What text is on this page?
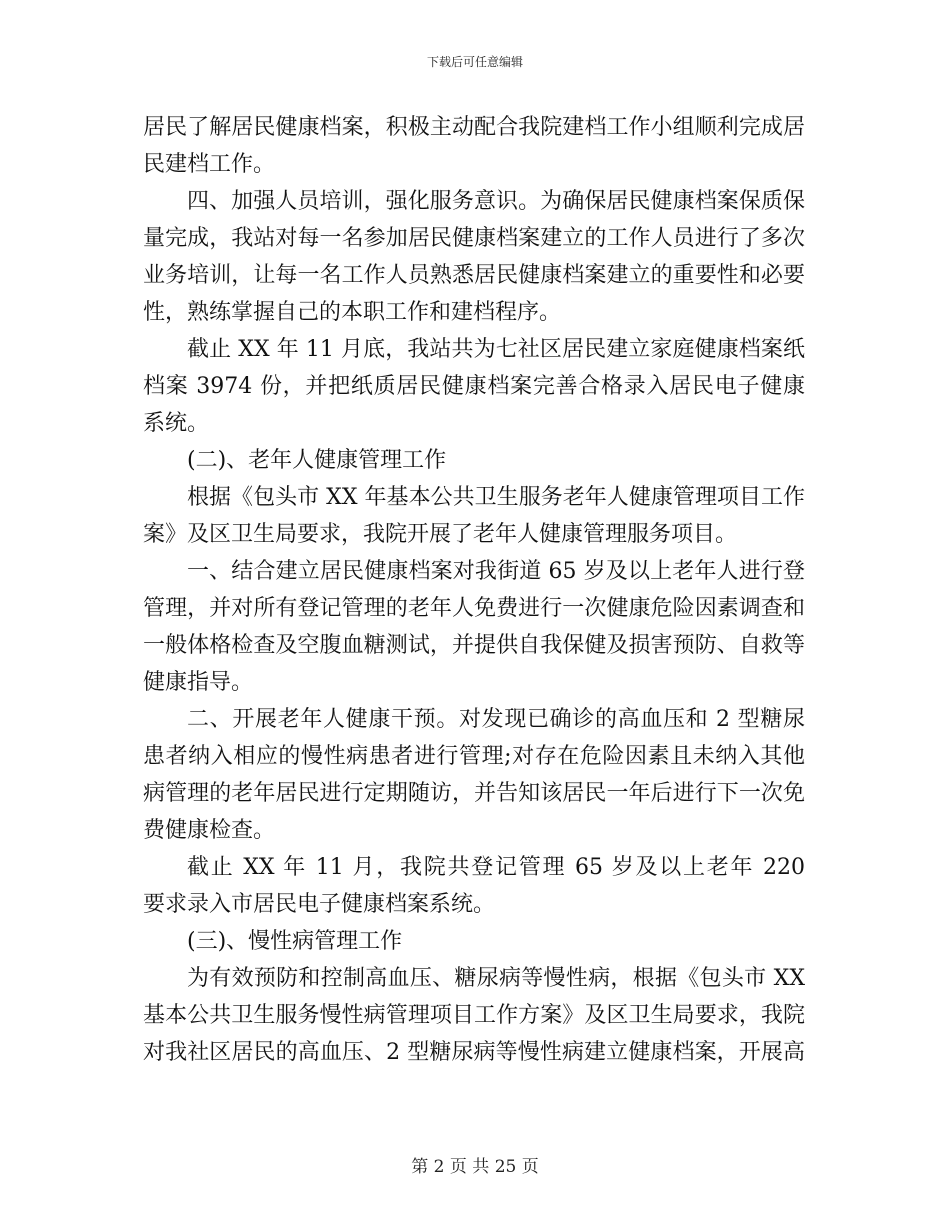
下载后可任意编辑
居民了解居民健康档案，积极主动配合我院建档工作小组顺利完成居
民建档工作。
四、加强人员培训，强化服务意识。为确保居民健康档案保质保
量完成，我站对每一名参加居民健康档案建立的工作人员进行了多次
业务培训，让每一名工作人员熟悉居民健康档案建立的重要性和必要
性，熟练掌握自己的本职工作和建档程序。
截止 XX 年 11 月底，我站共为七社区居民建立家庭健康档案纸
档案 3974 份，并把纸质居民健康档案完善合格录入居民电子健康
系统。
(二)、老年人健康管理工作
根据《包头市 XX 年基本公共卫生服务老年人健康管理项目工作
案》及区卫生局要求，我院开展了老年人健康管理服务项目。
一、结合建立居民健康档案对我街道 65 岁及以上老年人进行登
管理，并对所有登记管理的老年人免费进行一次健康危险因素调查和
一般体格检查及空腹血糖测试，并提供自我保健及损害预防、自救等
健康指导。
二、开展老年人健康干预。对发现已确诊的高血压和 2 型糖尿
患者纳入相应的慢性病患者进行管理;对存在危险因素且未纳入其他
病管理的老年居民进行定期随访，并告知该居民一年后进行下一次免
费健康检查。
截止 XX 年 11 月，我院共登记管理 65 岁及以上老年 220
要求录入市居民电子健康档案系统。
(三)、慢性病管理工作
为有效预防和控制高血压、糖尿病等慢性病，根据《包头市 XX
基本公共卫生服务慢性病管理项目工作方案》及区卫生局要求，我院
对我社区居民的高血压、2 型糖尿病等慢性病建立健康档案，开展高
第 2 页 共 25 页
